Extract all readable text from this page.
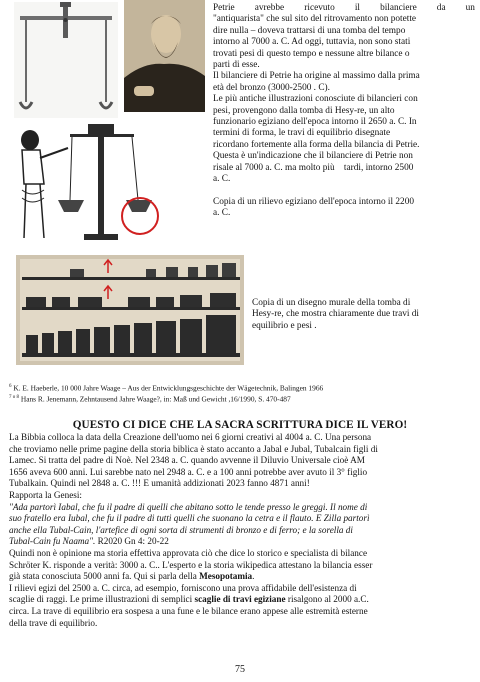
Petrie avrebbe ricevuto il bilanciere da un
"antiquarista" che sul sito del ritrovamento non potette
dire nulla – doveva trattarsi di una tomba del tempo
intorno al 7000 a. C. Ad oggi, tuttavia, non sono stati
trovati pesi di questo tempo e nessune altre bilance o
parti di esse.
Il bilanciere di Petrie ha origine al massimo dalla prima
età del bronzo (3000-2500 . C).
Le più antiche illustrazioni conosciute di bilancieri con
pesi, provengono dalla tomba di Hesy-re, un alto
funzionario egiziano dell'epoca intorno il 2650 a. C. In
termini di forma, le travi di equilibrio disegnate
ricordano fortemente alla forma della bilancia di Petrie.
Questa è un'indicazione che il bilanciere di Petrie non
risale al 7000 a. C. ma molto più    tardi, intorno 2500
a. C.
Copia di un rilievo egiziano dell'epoca intorno il 2200
a. C.
Copia di un disegno murale della tomba di
Hesy-re, che mostra chiaramente due travi di
equilibrio e pesi .
$^6$ K. E. Haeberle, 10 000 Jahre Waage – Aus der Entwicklungsgeschichte der Wägetechnik, Balingen 1966
$^{7 o 8}$ Hans R. Jenemann, Zehntausend Jahre Waage?, in: Maß und Gewicht ,16/1990, S. 470-487
QUESTO CI DICE CHE LA SACRA SCRITTURA DICE IL VERO!
La Bibbia colloca la data della Creazione dell'uomo nei 6 giorni creativi al 4004 a. C. Una persona
che troviamo nelle prime pagine della storia biblica è stato accanto a Jabal e Jubal, Tubalcain figli di
Lamec. Si tratta del padre di Noè. Nel 2348 a. C. quando avvenne il Diluvio Universale cioè AM
1656 aveva 600 anni. Lui sarebbe nato nel 2948 a. C. e a 100 anni potrebbe aver avuto il 3° figlio
Tubalkain. Quindi nel 2848 a. C. !!! E umanità addizionati 2023 fanno 4871 anni!
Rapporta la Genesi:
"Ada partorì Iabal, che fu il padre di quelli che abitano sotto le tende presso le greggi. Il nome di
suo fratello era Iubal, che fu il padre di tutti quelli che suonano la cetra e il flauto. E Zilla partorì
anche ella Tubal-Cain, l'artefice di ogni sorta di strumenti di bronzo e di ferro; e la sorella di
Tubal-Cain fu Naama". R2020 Gn 4: 20-22
Quindi non è opinione ma storia effettiva approvata ciò che dice lo storico e specialista di bilance
Schröter K. risponde a verità: 3000 a. C.. L'esperto e la storia wikipedica attestano la bilancia esser
già stata conosciuta 5000 anni fa. Qui si parla della Mesopotamia.
I rilievi egizi del 2500 a. C. circa, ad esempio, forniscono una prova affidabile dell'esistenza di
scaglie di raggi. Le prime illustrazioni di semplici scaglie di travi egiziane risalgono al 2000 a.C.
circa. La trave di equilibrio era sospesa a una fune e le bilance erano appese alle estremità esterne
della trave di equilibrio.
75
